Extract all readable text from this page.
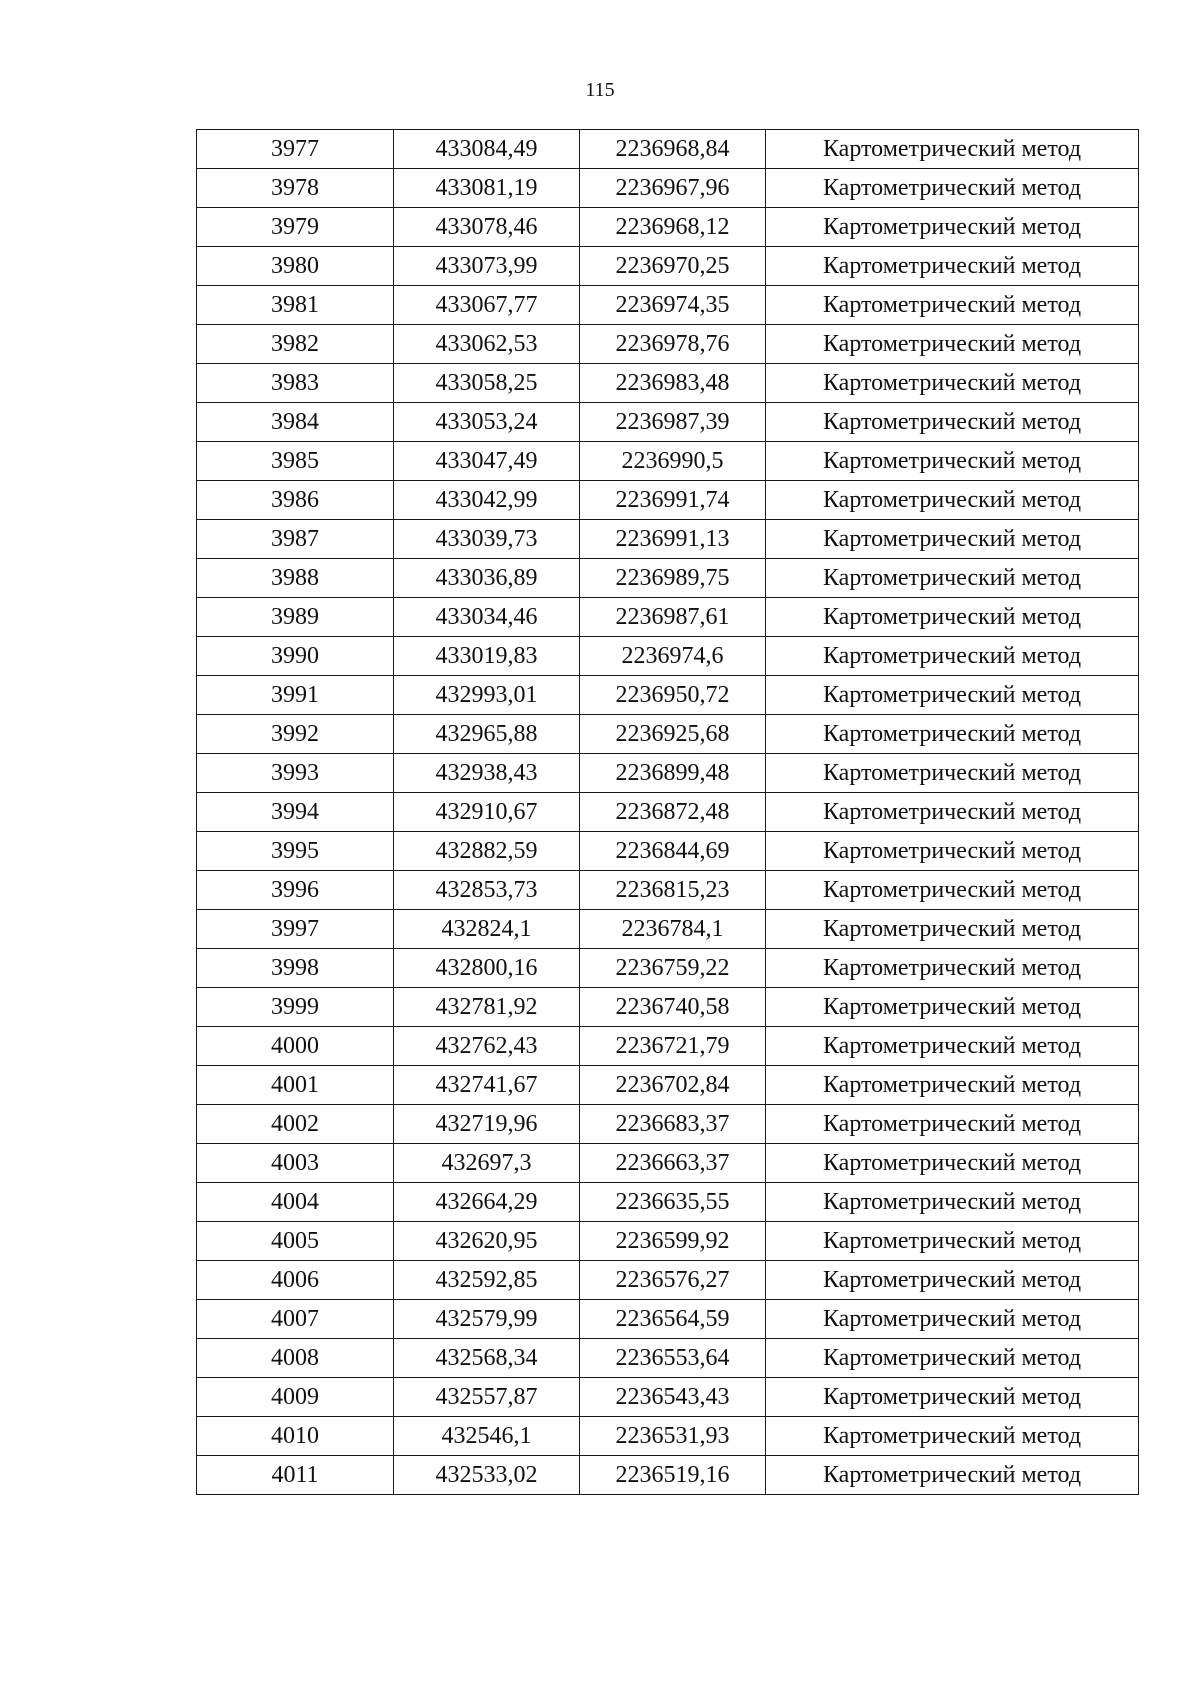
115
3977	433084,49	2236968,84	Картометрический метод
3978	433081,19	2236967,96	Картометрический метод
3979	433078,46	2236968,12	Картометрический метод
3980	433073,99	2236970,25	Картометрический метод
3981	433067,77	2236974,35	Картометрический метод
3982	433062,53	2236978,76	Картометрический метод
3983	433058,25	2236983,48	Картометрический метод
3984	433053,24	2236987,39	Картометрический метод
3985	433047,49	2236990,5	Картометрический метод
3986	433042,99	2236991,74	Картометрический метод
3987	433039,73	2236991,13	Картометрический метод
3988	433036,89	2236989,75	Картометрический метод
3989	433034,46	2236987,61	Картометрический метод
3990	433019,83	2236974,6	Картометрический метод
3991	432993,01	2236950,72	Картометрический метод
3992	432965,88	2236925,68	Картометрический метод
3993	432938,43	2236899,48	Картометрический метод
3994	432910,67	2236872,48	Картометрический метод
3995	432882,59	2236844,69	Картометрический метод
3996	432853,73	2236815,23	Картометрический метод
3997	432824,1	2236784,1	Картометрический метод
3998	432800,16	2236759,22	Картометрический метод
3999	432781,92	2236740,58	Картометрический метод
4000	432762,43	2236721,79	Картометрический метод
4001	432741,67	2236702,84	Картометрический метод
4002	432719,96	2236683,37	Картометрический метод
4003	432697,3	2236663,37	Картометрический метод
4004	432664,29	2236635,55	Картометрический метод
4005	432620,95	2236599,92	Картометрический метод
4006	432592,85	2236576,27	Картометрический метод
4007	432579,99	2236564,59	Картометрический метод
4008	432568,34	2236553,64	Картометрический метод
4009	432557,87	2236543,43	Картометрический метод
4010	432546,1	2236531,93	Картометрический метод
4011	432533,02	2236519,16	Картометрический метод
